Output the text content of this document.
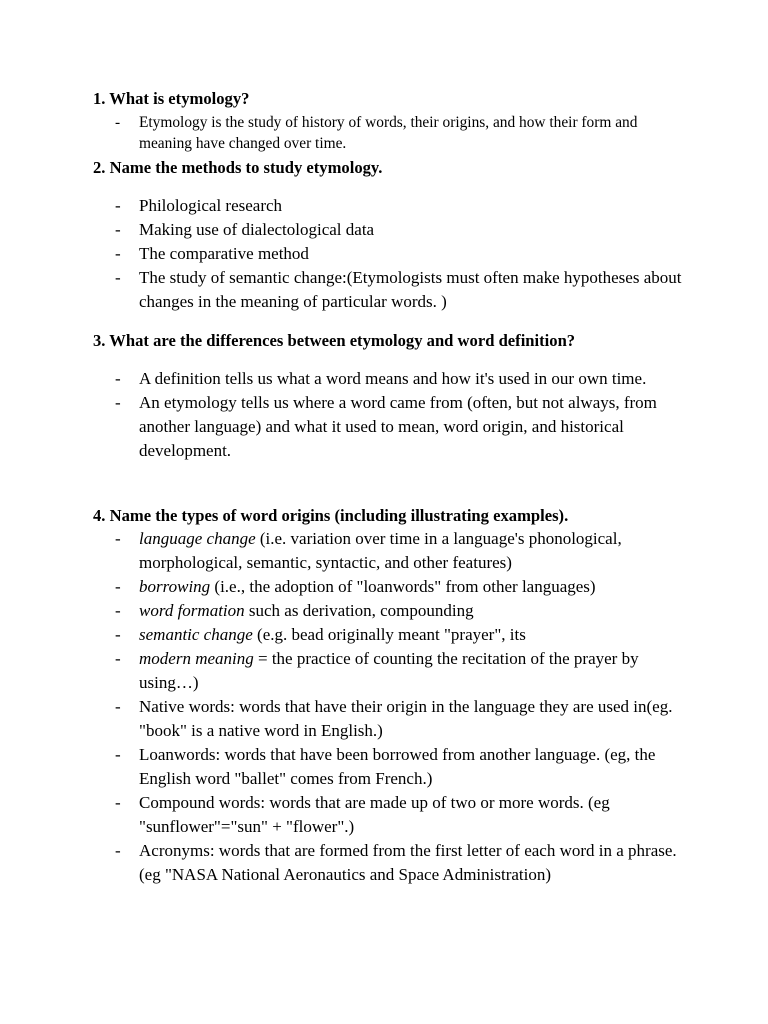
1. What is etymology?
- Etymology is the study of history of words, their origins, and how their form and meaning have changed over time.
2. Name the methods to study etymology.
- Philological research
- Making use of dialectological data
- The comparative method
- The study of semantic change:(Etymologists must often make hypotheses about changes in the meaning of particular words. )
3. What are the differences between etymology and word definition?
- A definition tells us what a word means and how it's used in our own time.
- An etymology tells us where a word came from (often, but not always, from another language) and what it used to mean, word origin, and historical development.
4. Name the types of word origins (including illustrating examples).
- language change (i.e. variation over time in a language's phonological, morphological, semantic, syntactic, and other features)
- borrowing (i.e., the adoption of "loanwords" from other languages)
- word formation such as derivation, compounding
- semantic change (e.g. bead originally meant "prayer", its
- modern meaning = the practice of counting the recitation of the prayer by using…)
- Native words: words that have their origin in the language they are used in(eg. "book" is a native word in English.)
- Loanwords: words that have been borrowed from another language. (eg, the English word "ballet" comes from French.)
- Compound words: words that are made up of two or more words. (eg "sunflower"="sun" + "flower".)
- Acronyms: words that are formed from the first letter of each word in a phrase. (eg "NASA National Aeronautics and Space Administration)
